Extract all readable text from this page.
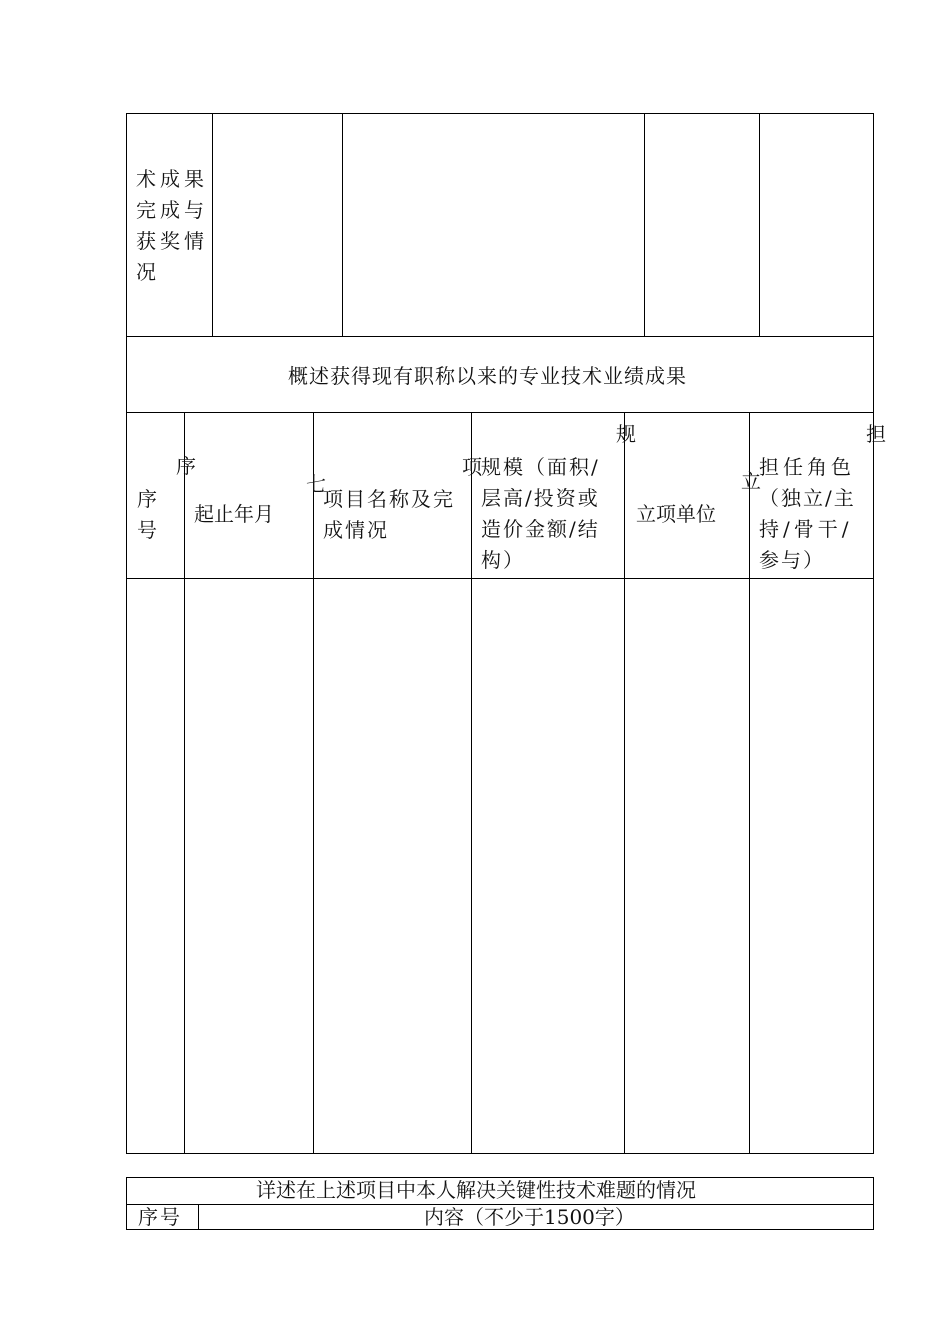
术成果
完成与
获奖情
况
概述获得现有职称以来的专业技术业绩成果
序
号
起止年月
项目名称及完
成情况
规模（面积/
层高/投资或
造价金额/结
构）
立项单位
担任角色
（独立/主
持/骨干/
参与）
序
七
项
规
立
担
详述在上述项目中本人解决关键性技术难题的情况
序号	内容（不少于1500字）
